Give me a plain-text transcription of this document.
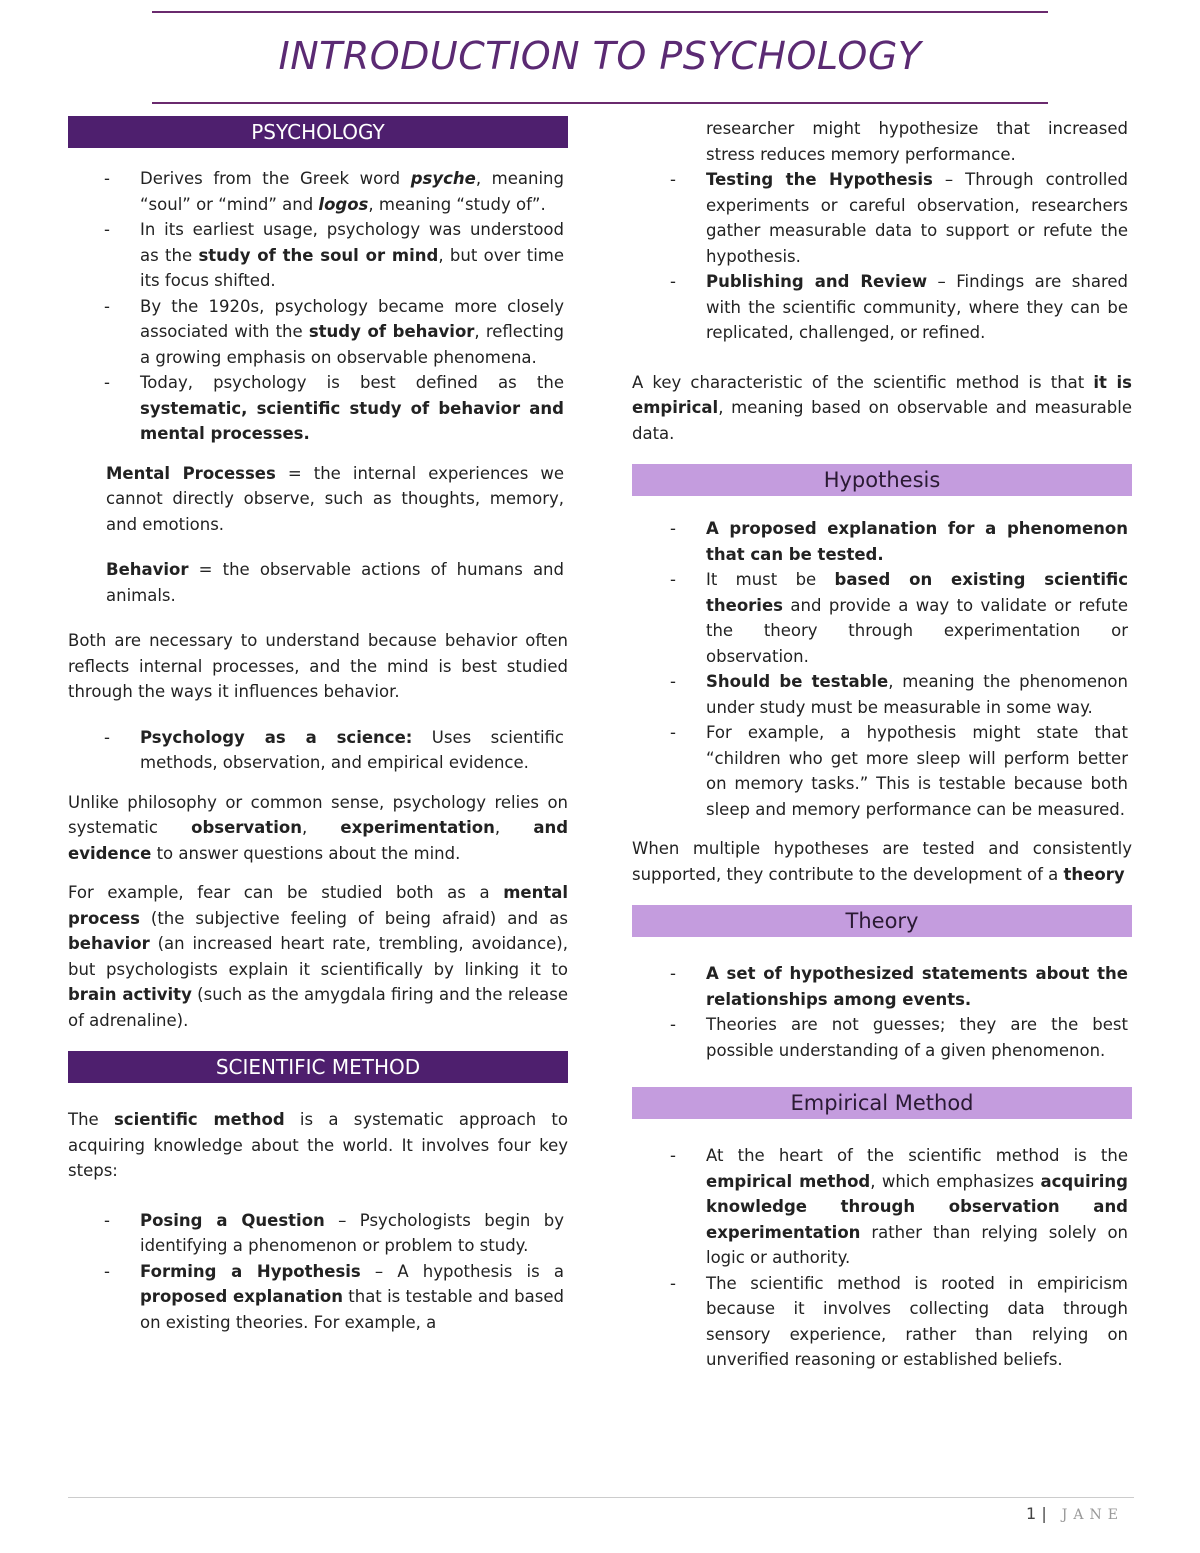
INTRODUCTION TO PSYCHOLOGY
PSYCHOLOGY
- Derives from the Greek word psyche, meaning “soul” or “mind” and logos, meaning “study of”.
- In its earliest usage, psychology was understood as the study of the soul or mind, but over time its focus shifted.
- By the 1920s, psychology became more closely associated with the study of behavior, reflecting a growing emphasis on observable phenomena.
- Today, psychology is best defined as the systematic, scientific study of behavior and mental processes.

Mental Processes = the internal experiences we cannot directly observe, such as thoughts, memory, and emotions.

Behavior = the observable actions of humans and animals.

Both are necessary to understand because behavior often reflects internal processes, and the mind is best studied through the ways it influences behavior.

- Psychology as a science: Uses scientific methods, observation, and empirical evidence.

Unlike philosophy or common sense, psychology relies on systematic observation, experimentation, and evidence to answer questions about the mind.

For example, fear can be studied both as a mental process (the subjective feeling of being afraid) and as behavior (an increased heart rate, trembling, avoidance), but psychologists explain it scientifically by linking it to brain activity (such as the amygdala firing and the release of adrenaline).

SCIENTIFIC METHOD

The scientific method is a systematic approach to acquiring knowledge about the world. It involves four key steps:

- Posing a Question – Psychologists begin by identifying a phenomenon or problem to study.
- Forming a Hypothesis – A hypothesis is a proposed explanation that is testable and based on existing theories. For example, a

researcher might hypothesize that increased stress reduces memory performance.

- Testing the Hypothesis – Through controlled experiments or careful observation, researchers gather measurable data to support or refute the hypothesis.
- Publishing and Review – Findings are shared with the scientific community, where they can be replicated, challenged, or refined.

A key characteristic of the scientific method is that it is empirical, meaning based on observable and measurable data.

Hypothesis
- A proposed explanation for a phenomenon that can be tested.
- It must be based on existing scientific theories and provide a way to validate or refute the theory through experimentation or observation.
- Should be testable, meaning the phenomenon under study must be measurable in some way.
- For example, a hypothesis might state that “children who get more sleep will perform better on memory tasks.” This is testable because both sleep and memory performance can be measured.

When multiple hypotheses are tested and consistently supported, they contribute to the development of a theory

Theory
- A set of hypothesized statements about the relationships among events.
- Theories are not guesses; they are the best possible understanding of a given phenomenon.
Empirical Method
- At the heart of the scientific method is the empirical method, which emphasizes acquiring knowledge through observation and experimentation rather than relying solely on logic or authority.
- The scientific method is rooted in empiricism because it involves collecting data through sensory experience, rather than relying on unverified reasoning or established beliefs.
1 | JANE
